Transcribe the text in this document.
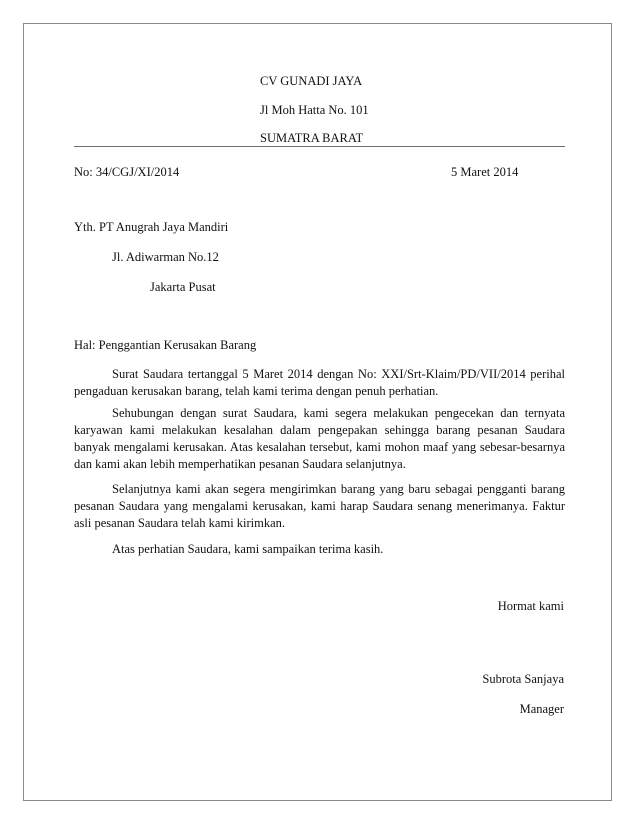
CV GUNADI JAYA
Jl Moh Hatta No. 101
SUMATRA BARAT
No: 34/CGJ/XI/2014	5 Maret 2014
Yth. PT Anugrah Jaya Mandiri
Jl. Adiwarman No.12
Jakarta Pusat
Hal: Penggantian Kerusakan Barang
Surat Saudara tertanggal 5 Maret 2014 dengan No: XXI/Srt-Klaim/PD/VII/2014 perihal pengaduan kerusakan barang, telah kami terima dengan penuh perhatian.
Sehubungan dengan surat Saudara, kami segera melakukan pengecekan dan ternyata karyawan kami melakukan kesalahan dalam pengepakan sehingga barang pesanan Saudara banyak mengalami kerusakan. Atas kesalahan tersebut, kami mohon maaf yang sebesar-besarnya dan kami akan lebih memperhatikan pesanan Saudara selanjutnya.
Selanjutnya kami akan segera mengirimkan barang yang baru sebagai pengganti barang pesanan Saudara yang mengalami kerusakan, kami harap Saudara senang menerimanya. Faktur asli pesanan Saudara telah kami kirimkan.
Atas perhatian Saudara, kami sampaikan terima kasih.
Hormat kami
Subrota Sanjaya
Manager
